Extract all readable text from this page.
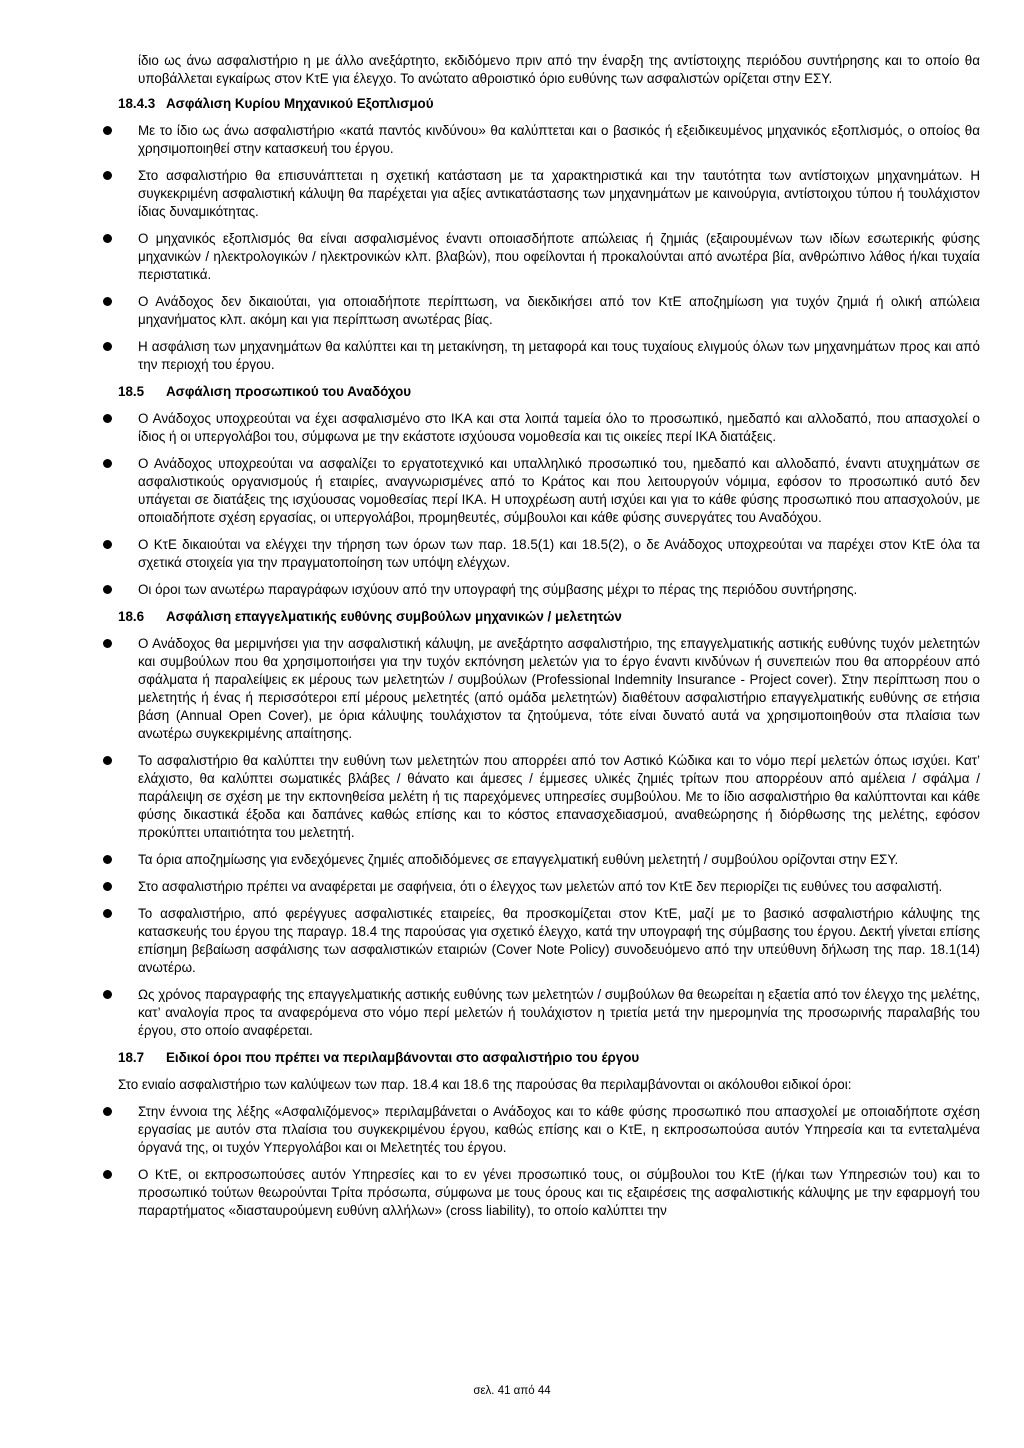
ίδιο ως άνω ασφαλιστήριο η με άλλο ανεξάρτητο, εκδιδόμενο πριν από την έναρξη της αντίστοιχης περιόδου συντήρησης και το οποίο θα υποβάλλεται εγκαίρως στον ΚτΕ για έλεγχο. Το ανώτατο αθροιστικό όριο ευθύνης των ασφαλιστών ορίζεται στην ΕΣΥ.

18.4.3 Ασφάλιση Κυρίου Μηχανικού Εξοπλισμού
Με το ίδιο ως άνω ασφαλιστήριο «κατά παντός κινδύνου» θα καλύπτεται και ο βασικός ή εξειδικευμένος μηχανικός εξοπλισμός, ο οποίος θα χρησιμοποιηθεί στην κατασκευή του έργου.
Στο ασφαλιστήριο θα επισυνάπτεται η σχετική κατάσταση με τα χαρακτηριστικά και την ταυτότητα των αντίστοιχων μηχανημάτων. Η συγκεκριμένη ασφαλιστική κάλυψη θα παρέχεται για αξίες αντικατάστασης των μηχανημάτων με καινούργια, αντίστοιχου τύπου ή τουλάχιστον ίδιας δυναμικότητας.
Ο μηχανικός εξοπλισμός θα είναι ασφαλισμένος έναντι οποιασδήποτε απώλειας ή ζημιάς (εξαιρουμένων των ιδίων εσωτερικής φύσης μηχανικών / ηλεκτρολογικών / ηλεκτρονικών κλπ. βλαβών), που οφείλονται ή προκαλούνται από ανωτέρα βία, ανθρώπινο λάθος ή/και τυχαία περιστατικά.
Ο Ανάδοχος δεν δικαιούται, για οποιαδήποτε περίπτωση, να διεκδικήσει από τον ΚτΕ αποζημίωση για τυχόν ζημιά ή ολική απώλεια μηχανήματος κλπ. ακόμη και για περίπτωση ανωτέρας βίας.
Η ασφάλιση των μηχανημάτων θα καλύπτει και τη μετακίνηση, τη μεταφορά και τους τυχαίους ελιγμούς όλων των μηχανημάτων προς και από την περιοχή του έργου.
18.5	Ασφάλιση προσωπικού του Αναδόχου
Ο Ανάδοχος υποχρεούται να έχει ασφαλισμένο στο ΙΚΑ και στα λοιπά ταμεία όλο το προσωπικό, ημεδαπό και αλλοδαπό, που απασχολεί ο ίδιος ή οι υπεργολάβοι του, σύμφωνα με την εκάστοτε ισχύουσα νομοθεσία και τις οικείες περί ΙΚΑ διατάξεις.
Ο Ανάδοχος υποχρεούται να ασφαλίζει το εργατοτεχνικό και υπαλληλικό προσωπικό του, ημεδαπό και αλλοδαπό, έναντι ατυχημάτων σε ασφαλιστικούς οργανισμούς ή εταιρίες, αναγνωρισμένες από το Κράτος και που λειτουργούν νόμιμα, εφόσον το προσωπικό αυτό δεν υπάγεται σε διατάξεις της ισχύουσας νομοθεσίας περί ΙΚΑ. Η υποχρέωση αυτή ισχύει και για το κάθε φύσης προσωπικό που απασχολούν, με οποιαδήποτε σχέση εργασίας, οι υπεργολάβοι, προμηθευτές, σύμβουλοι και κάθε φύσης συνεργάτες του Αναδόχου.
Ο ΚτΕ δικαιούται να ελέγχει την τήρηση των όρων των παρ. 18.5(1) και 18.5(2), ο δε Ανάδοχος υποχρεούται να παρέχει στον ΚτΕ όλα τα σχετικά στοιχεία για την πραγματοποίηση των υπόψη ελέγχων.
Οι όροι των ανωτέρω παραγράφων ισχύουν από την υπογραφή της σύμβασης μέχρι το πέρας της περιόδου συντήρησης.
18.6	Ασφάλιση επαγγελματικής ευθύνης συμβούλων μηχανικών / μελετητών
Ο Ανάδοχος θα μεριμνήσει για την ασφαλιστική κάλυψη, με ανεξάρτητο ασφαλιστήριο, της επαγγελματικής αστικής ευθύνης τυχόν μελετητών και συμβούλων που θα χρησιμοποιήσει για την τυχόν εκπόνηση μελετών για το έργο έναντι κινδύνων ή συνεπειών που θα απορρέουν από σφάλματα ή παραλείψεις εκ μέρους των μελετητών / συμβούλων (Professional Indemnity Insurance - Project cover). Στην περίπτωση που ο μελετητής ή ένας ή περισσότεροι επί μέρους μελετητές (από ομάδα μελετητών) διαθέτουν ασφαλιστήριο επαγγελματικής ευθύνης σε ετήσια βάση (Annual Open Cover), με όρια κάλυψης τουλάχιστον τα ζητούμενα, τότε είναι δυνατό αυτά να χρησιμοποιηθούν στα πλαίσια των ανωτέρω συγκεκριμένης απαίτησης.
Το ασφαλιστήριο θα καλύπτει την ευθύνη των μελετητών που απορρέει από τον Αστικό Κώδικα και το νόμο περί μελετών όπως ισχύει. Κατ’ ελάχιστο, θα καλύπτει σωματικές βλάβες / θάνατο και άμεσες / έμμεσες υλικές ζημιές τρίτων που απορρέουν από αμέλεια / σφάλμα / παράλειψη σε σχέση με την εκπονηθείσα μελέτη ή τις παρεχόμενες υπηρεσίες συμβούλου. Με το ίδιο ασφαλιστήριο θα καλύπτονται και κάθε φύσης δικαστικά έξοδα και δαπάνες καθώς επίσης και το κόστος επανασχεδιασμού, αναθεώρησης ή διόρθωσης της μελέτης, εφόσον προκύπτει υπαιτιότητα του μελετητή.
Τα όρια αποζημίωσης για ενδεχόμενες ζημιές αποδιδόμενες σε επαγγελματική ευθύνη μελετητή / συμβούλου ορίζονται στην ΕΣΥ.
Στο ασφαλιστήριο πρέπει να αναφέρεται με σαφήνεια, ότι ο έλεγχος των μελετών από τον ΚτΕ δεν περιορίζει τις ευθύνες του ασφαλιστή.
Το ασφαλιστήριο, από φερέγγυες ασφαλιστικές εταιρείες, θα προσκομίζεται στον ΚτΕ, μαζί με το βασικό ασφαλιστήριο κάλυψης της κατασκευής του έργου της παραγρ. 18.4 της παρούσας για σχετικό έλεγχο, κατά την υπογραφή της σύμβασης του έργου. Δεκτή γίνεται επίσης επίσημη βεβαίωση ασφάλισης των ασφαλιστικών εταιριών (Cover Note Policy) συνοδευόμενο από την υπεύθυνη δήλωση της παρ. 18.1(14) ανωτέρω.
Ως χρόνος παραγραφής της επαγγελματικής αστικής ευθύνης των μελετητών / συμβούλων θα θεωρείται η εξαετία από τον έλεγχο της μελέτης, κατ’ αναλογία προς τα αναφερόμενα στο νόμο περί μελετών ή τουλάχιστον η τριετία μετά την ημερομηνία της προσωρινής παραλαβής του έργου, στο οποίο αναφέρεται.
18.7	Ειδικοί όροι που πρέπει να περιλαμβάνονται στο ασφαλιστήριο του έργου

Στο ενιαίο ασφαλιστήριο των καλύψεων των παρ. 18.4 και 18.6 της παρούσας θα περιλαμβάνονται οι ακόλουθοι ειδικοί όροι:

Στην έννοια της λέξης «Ασφαλιζόμενος» περιλαμβάνεται ο Ανάδοχος και το κάθε φύσης προσωπικό που απασχολεί με οποιαδήποτε σχέση εργασίας με αυτόν στα πλαίσια του συγκεκριμένου έργου, καθώς επίσης και ο ΚτΕ, η εκπροσωπούσα αυτόν Υπηρεσία και τα εντεταλμένα όργανά της, οι τυχόν Υπεργολάβοι και οι Μελετητές του έργου.
Ο ΚτΕ, οι εκπροσωπούσες αυτόν Υπηρεσίες και το εν γένει προσωπικό τους, οι σύμβουλοι του ΚτΕ (ή/και των Υπηρεσιών του) και το προσωπικό τούτων θεωρούνται Τρίτα πρόσωπα, σύμφωνα με τους όρους και τις εξαιρέσεις της ασφαλιστικής κάλυψης με την εφαρμογή του παραρτήματος «διασταυρούμενη ευθύνη αλλήλων» (cross liability), το οποίο καλύπτει την
σελ. 41 από 44
